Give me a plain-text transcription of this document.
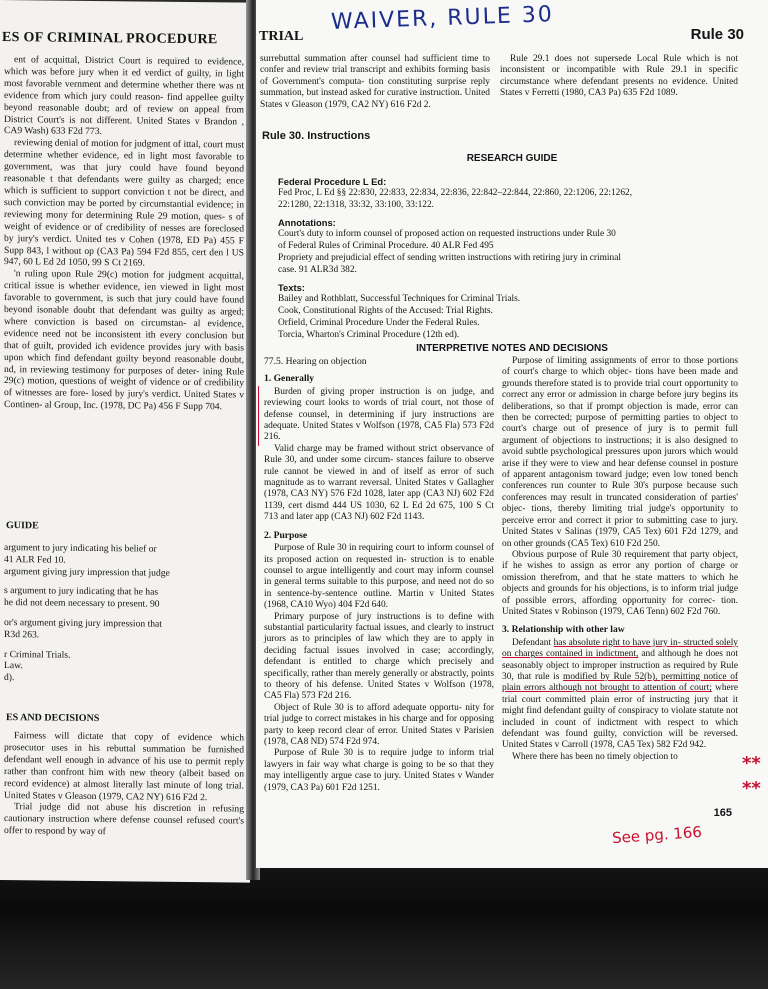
ES OF CRIMINAL PROCEDURE

ent of acquittal, District Court is required to evidence, which was before jury when it ed verdict of guilty, in light most favorable vernment and determine whether there was nt evidence from which jury could reason- find appellee guilty beyond reasonable doubt; ard of review on appeal from District Court's is not different. United States v Brandon , CA9 Wash) 633 F2d 773.

reviewing denial of motion for judgment of ittal, court must determine whether evidence, ed in light most favorable to government, was that jury could have found beyond reasonable t that defendants were guilty as charged; ence which is sufficient to support conviction t not be direct, and such conviction may be ported by circumstantial evidence; in reviewing mony for determining Rule 29 motion, ques- s of weight of evidence or of credibility of nesses are foreclosed by jury's verdict. United tes v Cohen (1978, ED Pa) 455 F Supp 843, l without op (CA3 Pa) 594 F2d 855, cert den l US 947, 60 L Ed 2d 1050, 99 S Ct 2169.

'n ruling upon Rule 29(c) motion for judgment acquittal, critical issue is whether evidence, ien viewed in light most favorable to government, is such that jury could have found beyond isonable doubt that defendant was guilty as arged; where conviction is based on circumstan- al evidence, evidence need not be inconsistent ith every conclusion but that of guilt, provided ich evidence provides jury with basis upon which find defendant guilty beyond reasonable doubt, nd, in reviewing testimony for purposes of deter- ining Rule 29(c) motion, questions of weight of vidence or of credibility of witnesses are fore- losed by jury's verdict. United States v Continen- al Group, Inc. (1978, DC Pa) 456 F Supp 704.

GUIDE
argument to jury indicating his belief or
41 ALR Fed 10.
argument giving jury impression that judge
s argument to jury indicating that he has
he did not deem necessary to present. 90
or's argument giving jury impression that
R3d 263.
r Criminal Trials.
Law.
d).
ES AND DECISIONS

Fairness will dictate that copy of evidence which prosecutor uses in his rebuttal summation be furnished defendant well enough in advance of his use to permit reply rather than confront him with new theory (albeit based on record evidence) at almost literally last minute of long trial. United States v Gleason (1979, CA2 NY) 616 F2d 2.

Trial judge did not abuse his discretion in refusing cautionary instruction where defense counsel refused court's offer to respond by way of

TRIAL
WAIVER, RULE 30	Rule 30

surrebuttal summation after counsel had sufficient time to confer and review trial transcript and exhibits forming basis of Government's computa- tion constituting surprise reply summation, but instead asked for curative instruction. United States v Gleason (1979, CA2 NY) 616 F2d 2.

Rule 29.1 does not supersede Local Rule which is not inconsistent or incompatible with Rule 29.1 in specific circumstance where defendant presents no evidence. United States v Ferretti (1980, CA3 Pa) 635 F2d 1089.

Rule 30. Instructions
RESEARCH GUIDE
Federal Procedure L Ed:
Fed Proc, L Ed §§ 22:830, 22:833, 22:834, 22:836, 22:842–22:844, 22:860, 22:1206, 22:1262,
22:1280, 22:1318, 33:32, 33:100, 33:122.
Annotations:
Court's duty to inform counsel of proposed action on requested instructions under Rule 30
of Federal Rules of Criminal Procedure. 40 ALR Fed 495
Propriety and prejudicial effect of sending written instructions with retiring jury in criminal
case. 91 ALR3d 382.
Texts:
Bailey and Rothblatt, Successful Techniques for Criminal Trials.
Cook, Constitutional Rights of the Accused: Trial Rights.
Orfield, Criminal Procedure Under the Federal Rules.
Torcia, Wharton's Criminal Procedure (12th ed).
INTERPRETIVE NOTES AND DECISIONS
77.5. Hearing on objection
1. Generally

Burden of giving proper instruction is on judge, and reviewing court looks to words of trial court, not those of defense counsel, in determining if jury instructions are adequate. United States v Wolfson (1978, CA5 Fla) 573 F2d 216.

Valid charge may be framed without strict observance of Rule 30, and under some circum- stances failure to observe rule cannot be viewed in and of itself as error of such magnitude as to warrant reversal. United States v Gallagher (1978, CA3 NY) 576 F2d 1028, later app (CA3 NJ) 602 F2d 1139, cert dismd 444 US 1030, 62 L Ed 2d 675, 100 S Ct 713 and later app (CA3 NJ) 602 F2d 1143.

2. Purpose

Purpose of Rule 30 in requiring court to inform counsel of its proposed action on requested in- struction is to enable counsel to argue intelligently and court may inform counsel in general terms suitable to this purpose, and need not do so in sentence-by-sentence outline. Martin v United States (1968, CA10 Wyo) 404 F2d 640.

Primary purpose of jury instructions is to define with substantial particularity factual issues, and clearly to instruct jurors as to principles of law which they are to apply in deciding factual issues involved in case; accordingly, defendant is entitled to charge which precisely and specifically, rather than merely generally or abstractly, points to theory of his defense. United States v Wolfson (1978, CA5 Fla) 573 F2d 216.

Object of Rule 30 is to afford adequate opportu- nity for trial judge to correct mistakes in his charge and for opposing party to keep record clear of error. United States v Parisien (1978, CA8 ND) 574 F2d 974.

Purpose of Rule 30 is to require judge to inform trial lawyers in fair way what charge is going to be so that they may intelligently argue case to jury. United States v Wander (1979, CA3 Pa) 601 F2d 1251.

Purpose of limiting assignments of error to those portions of court's charge to which objec- tions have been made and grounds therefore stated is to provide trial court opportunity to correct any error or admission in charge before jury begins its deliberations, so that if prompt objection is made, error can then be corrected; purpose of permitting parties to object to court's charge out of presence of jury is to permit full argument of objections to instructions; it is also designed to avoid subtle psychological pressures upon jurors which would arise if they were to view and hear defense counsel in posture of apparent antagonism toward judge; even low toned bench conferences run counter to Rule 30's purpose because such conferences may result in truncated consideration of parties' objec- tions, thereby limiting trial judge's opportunity to perceive error and correct it prior to submitting case to jury. United States v Salinas (1979, CA5 Tex) 601 F2d 1279, and on other grounds (CA5 Tex) 610 F2d 250.

Obvious purpose of Rule 30 requirement that party object, if he wishes to assign as error any portion of charge or omission therefrom, and that he state matters to which he objects and grounds for his objections, is to inform trial judge of possible errors, affording opportunity for correc- tion. United States v Robinson (1979, CA6 Tenn) 602 F2d 760.

3. Relationship with other law

Defendant has absolute right to have jury in- structed solely on charges contained in indictment, and although he does not seasonably object to improper instruction as required by Rule 30, that rule is modified by Rule 52(b), permitting notice of plain errors although not brought to attention of court; where trial court committed plain error of instructing jury that it might find defendant guilty of conspiracy to violate statute not included in count of indictment with respect to which defendant was found guilty, conviction will be reversed. United States v Carroll (1978, CA5 Tex) 582 F2d 942.

Where there has been no timely objection to	**
**
165
See pg. 166
